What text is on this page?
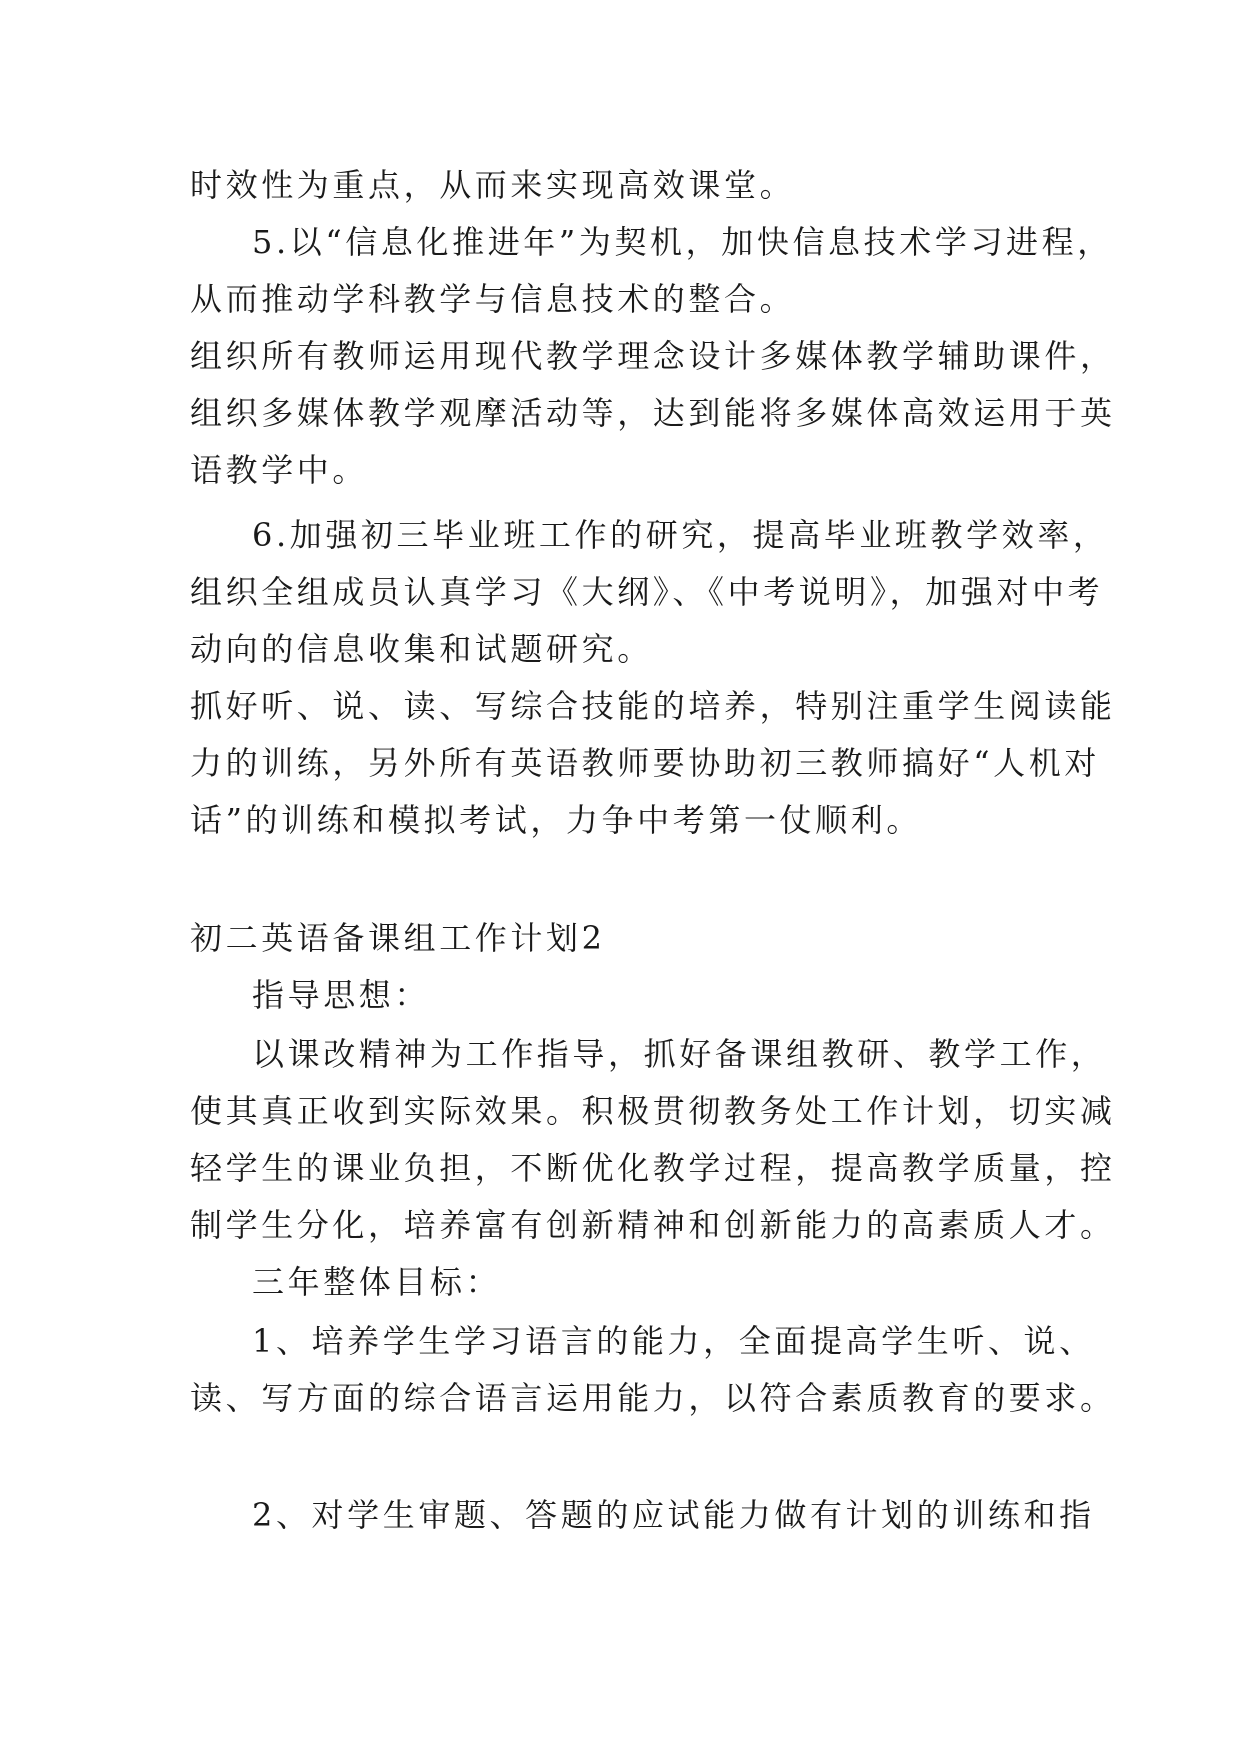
时效性为重点，从而来实现高效课堂。
5.以“信息化推进年”为契机，加快信息技术学习进程，
从而推动学科教学与信息技术的整合。
组织所有教师运用现代教学理念设计多媒体教学辅助课件，
组织多媒体教学观摩活动等，达到能将多媒体高效运用于英
语教学中。
6.加强初三毕业班工作的研究，提高毕业班教学效率，
组织全组成员认真学习《大纲》、《中考说明》，加强对中考
动向的信息收集和试题研究。
抓好听、说、读、写综合技能的培养，特别注重学生阅读能
力的训练，另外所有英语教师要协助初三教师搞好“人机对
话”的训练和模拟考试，力争中考第一仗顺利。
初二英语备课组工作计划2
指导思想：
以课改精神为工作指导，抓好备课组教研、教学工作，
使其真正收到实际效果。积极贯彻教务处工作计划，切实减
轻学生的课业负担，不断优化教学过程，提高教学质量，控
制学生分化，培养富有创新精神和创新能力的高素质人才。
三年整体目标：
1、培养学生学习语言的能力，全面提高学生听、说、
读、写方面的综合语言运用能力，以符合素质教育的要求。
2、对学生审题、答题的应试能力做有计划的训练和指
